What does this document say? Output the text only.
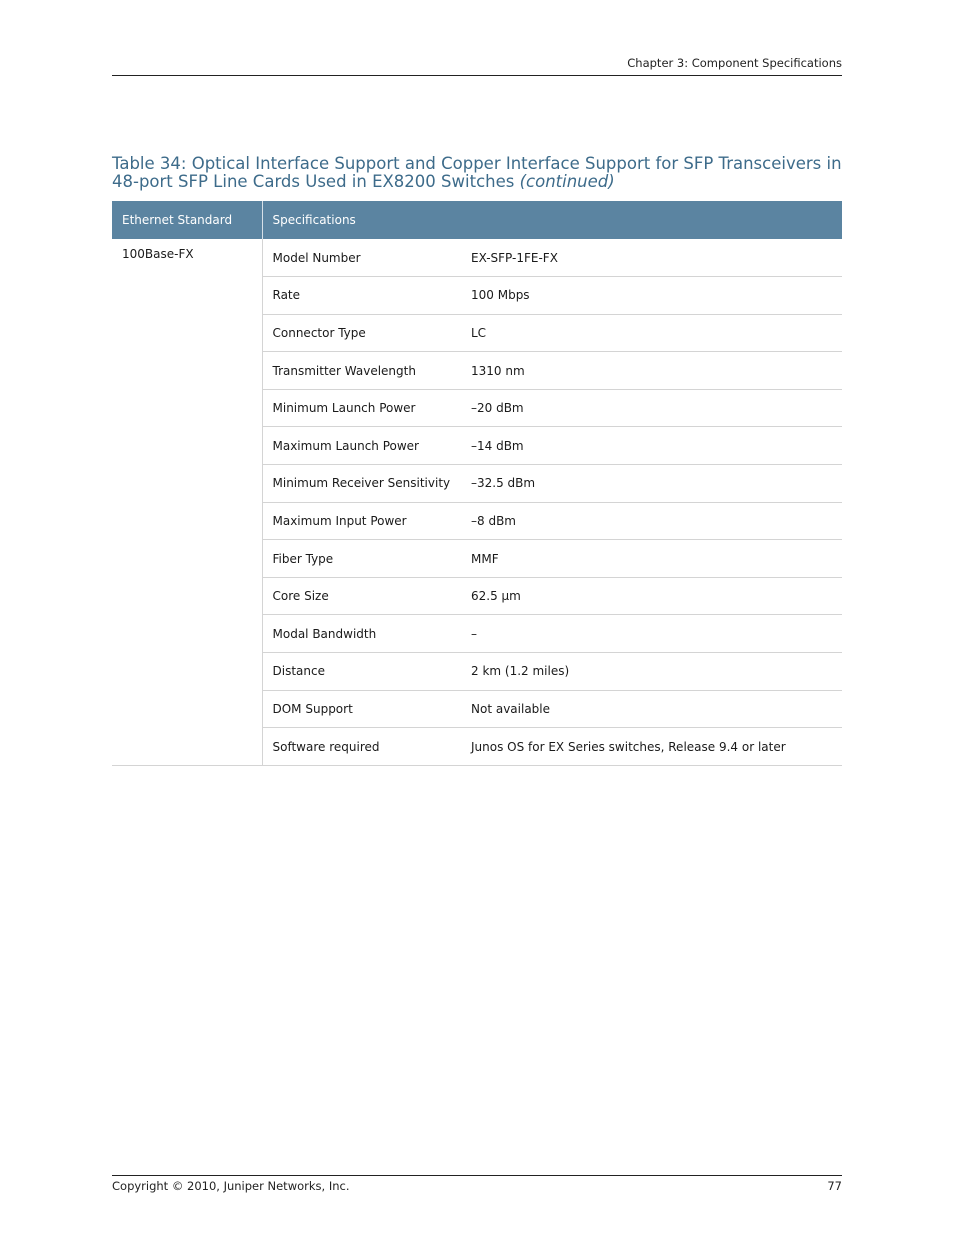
Chapter 3: Component Specifications
Table 34: Optical Interface Support and Copper Interface Support for SFP Transceivers in 48-port SFP Line Cards Used in EX8200 Switches (continued)
Ethernet Standard	Specifications	
100Base-FX	Model Number	EX-SFP-1FE-FX
	Rate	100 Mbps
	Connector Type	LC
	Transmitter Wavelength	1310 nm
	Minimum Launch Power	–20 dBm
	Maximum Launch Power	–14 dBm
	Minimum Receiver Sensitivity	–32.5 dBm
	Maximum Input Power	–8 dBm
	Fiber Type	MMF
	Core Size	62.5 μm
	Modal Bandwidth	–
	Distance	2 km (1.2 miles)
	DOM Support	Not available
	Software required	Junos OS for EX Series switches, Release 9.4 or later
Copyright © 2010, Juniper Networks, Inc.	77
